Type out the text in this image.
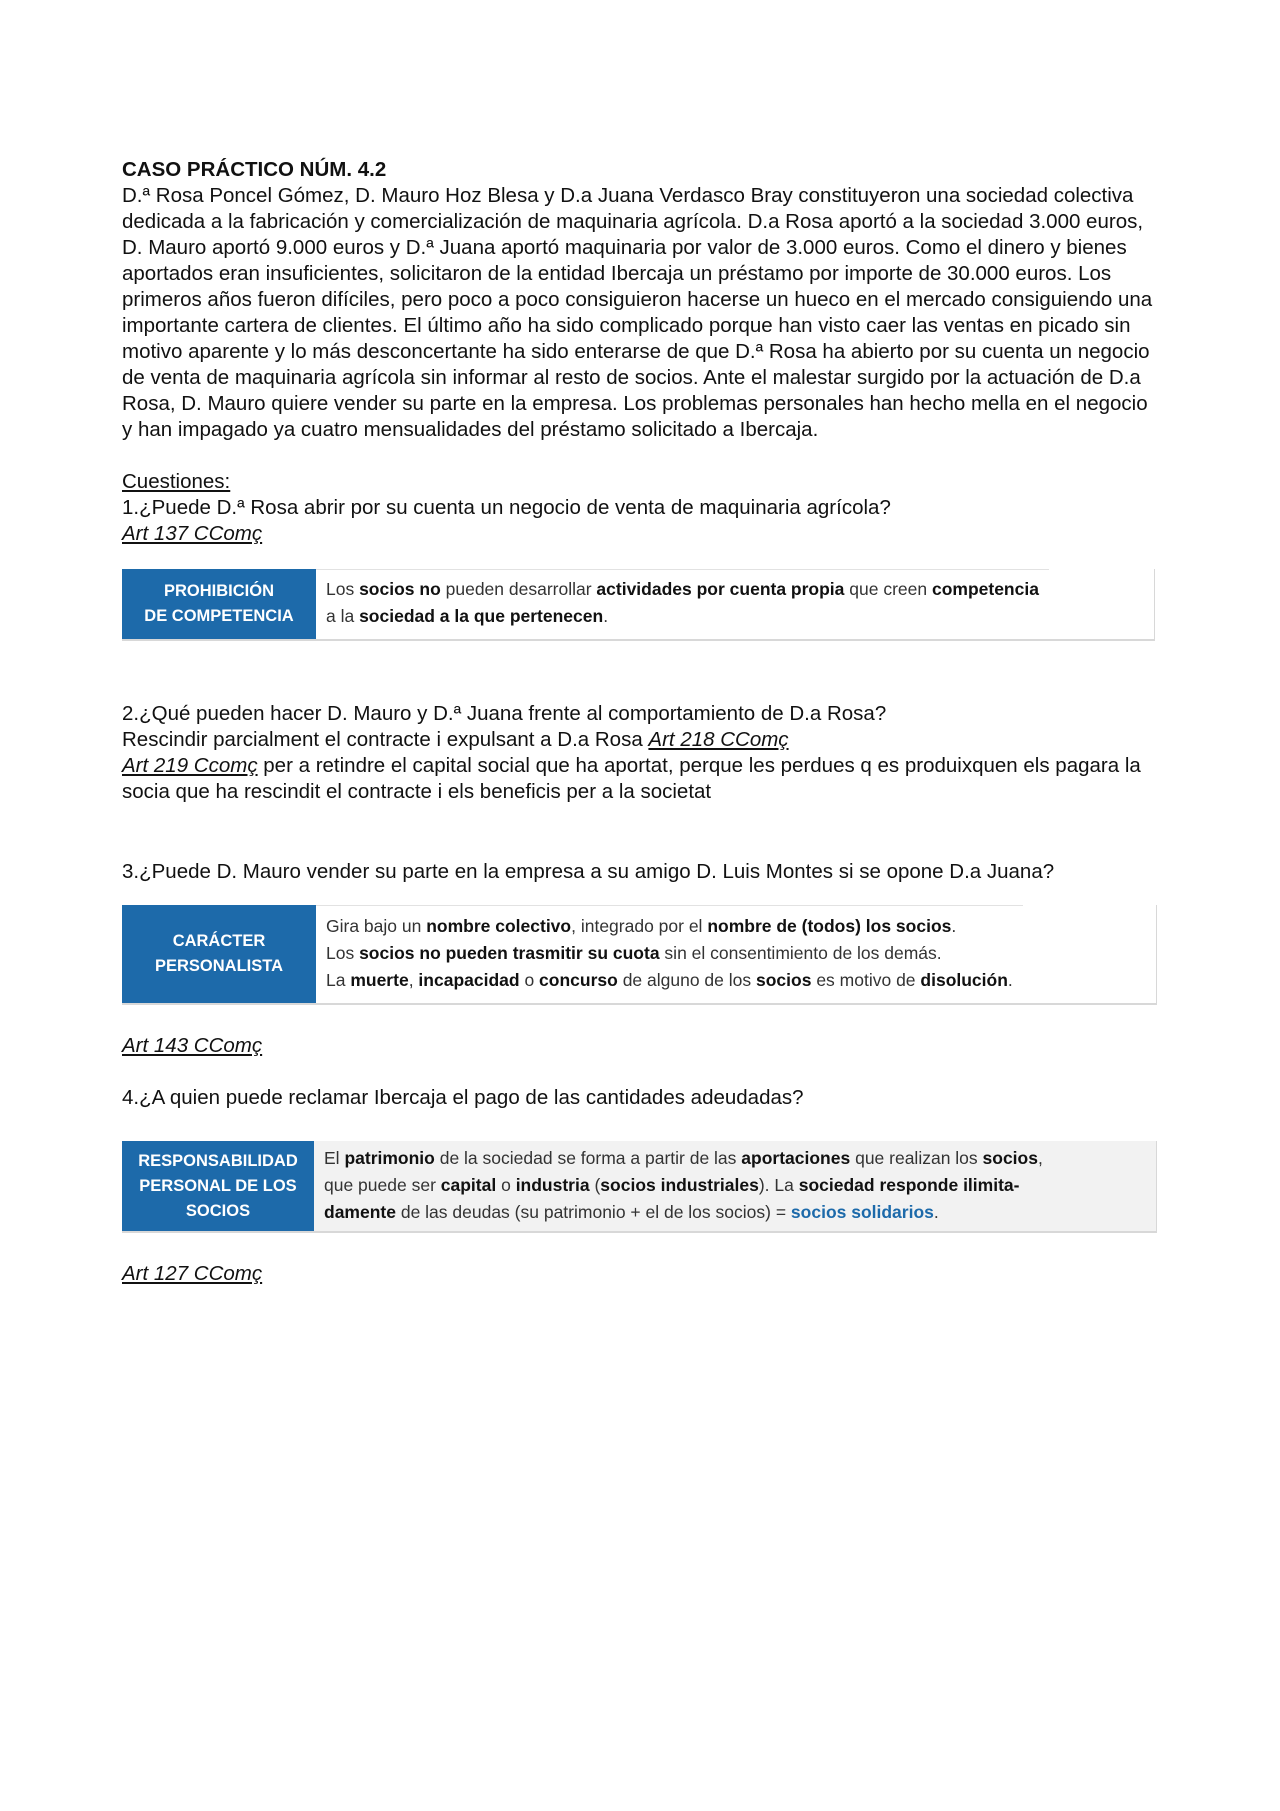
CASO PRÁCTICO NÚM. 4.2

D.ª Rosa Poncel Gómez, D. Mauro Hoz Blesa y D.a Juana Verdasco Bray constituyeron una sociedad colectiva dedicada a la fabricación y comercialización de maquinaria agrícola. D.a Rosa aportó a la sociedad 3.000 euros, D. Mauro aportó 9.000 euros y D.ª Juana aportó maquinaria por valor de 3.000 euros. Como el dinero y bienes aportados eran insuficientes, solicitaron de la entidad Ibercaja un préstamo por importe de 30.000 euros. Los primeros años fueron difíciles, pero poco a poco consiguieron hacerse un hueco en el mercado consiguiendo una importante cartera de clientes. El último año ha sido complicado porque han visto caer las ventas en picado sin motivo aparente y lo más desconcertante ha sido enterarse de que D.ª Rosa ha abierto por su cuenta un negocio de venta de maquinaria agrícola sin informar al resto de socios. Ante el malestar surgido por la actuación de D.a Rosa, D. Mauro quiere vender su parte en la empresa. Los problemas personales han hecho mella en el negocio y han impagado ya cuatro mensualidades del préstamo solicitado a Ibercaja.

Cuestiones:

1.¿Puede D.ª Rosa abrir por su cuenta un negocio de venta de maquinaria agrícola?

Art 137 CComç

PROHIBICIÓN
DE COMPETENCIA
Los socios no pueden desarrollar actividades por cuenta propia que creen competencia
a la sociedad a la que pertenecen.

2.¿Qué pueden hacer D. Mauro y D.ª Juana frente al comportamiento de D.a Rosa?

Rescindir parcialment el contracte i expulsant a D.a Rosa Art 218 CComç
Art 219 Ccomç per a retindre el capital social que ha aportat, perque les perdues q es produixquen els pagara la socia que ha rescindit el contracte i els beneficis per a la societat

3.¿Puede D. Mauro vender su parte en la empresa a su amigo D. Luis Montes si se opone D.a Juana?

CARÁCTER
PERSONALISTA
Gira bajo un nombre colectivo, integrado por el nombre de (todos) los socios.
Los socios no pueden trasmitir su cuota sin el consentimiento de los demás.
La muerte, incapacidad o concurso de alguno de los socios es motivo de disolución.

Art 143 CComç

4.¿A quien puede reclamar Ibercaja el pago de las cantidades adeudadas?

RESPONSABILIDAD
PERSONAL DE LOS
SOCIOS
El patrimonio de la sociedad se forma a partir de las aportaciones que realizan los socios,
que puede ser capital o industria (socios industriales). La sociedad responde ilimita-
damente de las deudas (su patrimonio + el de los socios) = socios solidarios.

Art 127 CComç
